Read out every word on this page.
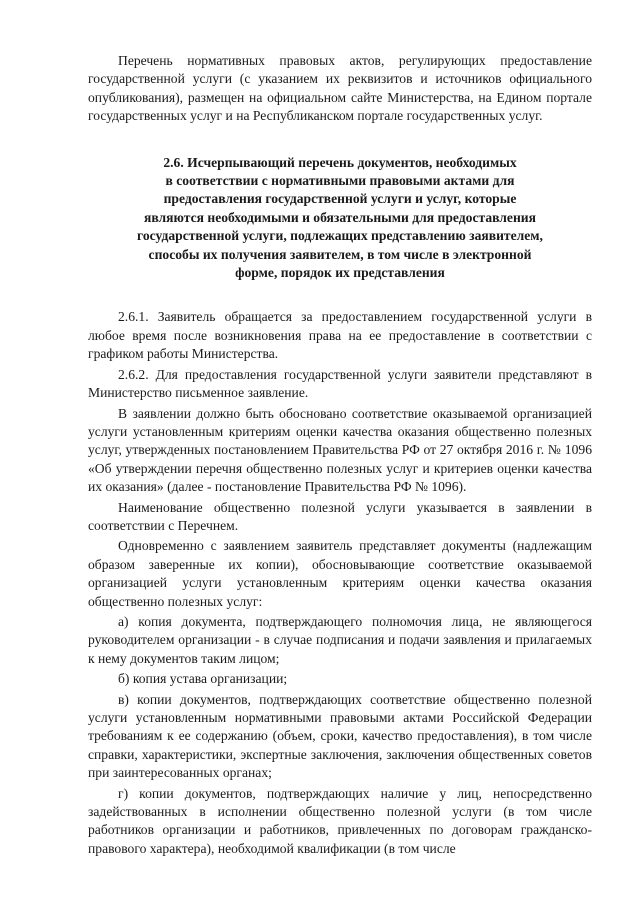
Перечень нормативных правовых актов, регулирующих предоставление государственной услуги (с указанием их реквизитов и источников официального опубликования), размещен на официальном сайте Министерства, на Едином портале государственных услуг и на Республиканском портале государственных услуг.

2.6. Исчерпывающий перечень документов, необходимых
в соответствии с нормативными правовыми актами для
предоставления государственной услуги и услуг, которые
являются необходимыми и обязательными для предоставления
государственной услуги, подлежащих представлению заявителем,
способы их получения заявителем, в том числе в электронной
форме, порядок их представления

2.6.1. Заявитель обращается за предоставлением государственной услуги в любое время после возникновения права на ее предоставление в соответствии с графиком работы Министерства.

2.6.2. Для предоставления государственной услуги заявители представляют в Министерство письменное заявление.

В заявлении должно быть обосновано соответствие оказываемой организацией услуги установленным критериям оценки качества оказания общественно полезных услуг, утвержденных постановлением Правительства РФ от 27 октября 2016 г. № 1096 «Об утверждении перечня общественно полезных услуг и критериев оценки качества их оказания» (далее - постановление Правительства РФ № 1096).

Наименование общественно полезной услуги указывается в заявлении в соответствии с Перечнем.

Одновременно с заявлением заявитель представляет документы (надлежащим образом заверенные их копии), обосновывающие соответствие оказываемой организацией услуги установленным критериям оценки качества оказания общественно полезных услуг:

а) копия документа, подтверждающего полномочия лица, не являющегося руководителем организации - в случае подписания и подачи заявления и прилагаемых к нему документов таким лицом;

б) копия устава организации;

в) копии документов, подтверждающих соответствие общественно полезной услуги установленным нормативными правовыми актами Российской Федерации требованиям к ее содержанию (объем, сроки, качество предоставления), в том числе справки, характеристики, экспертные заключения, заключения общественных советов при заинтересованных органах;

г) копии документов, подтверждающих наличие у лиц, непосредственно задействованных в исполнении общественно полезной услуги (в том числе работников организации и работников, привлеченных по договорам гражданско-правового характера), необходимой квалификации (в том числе
